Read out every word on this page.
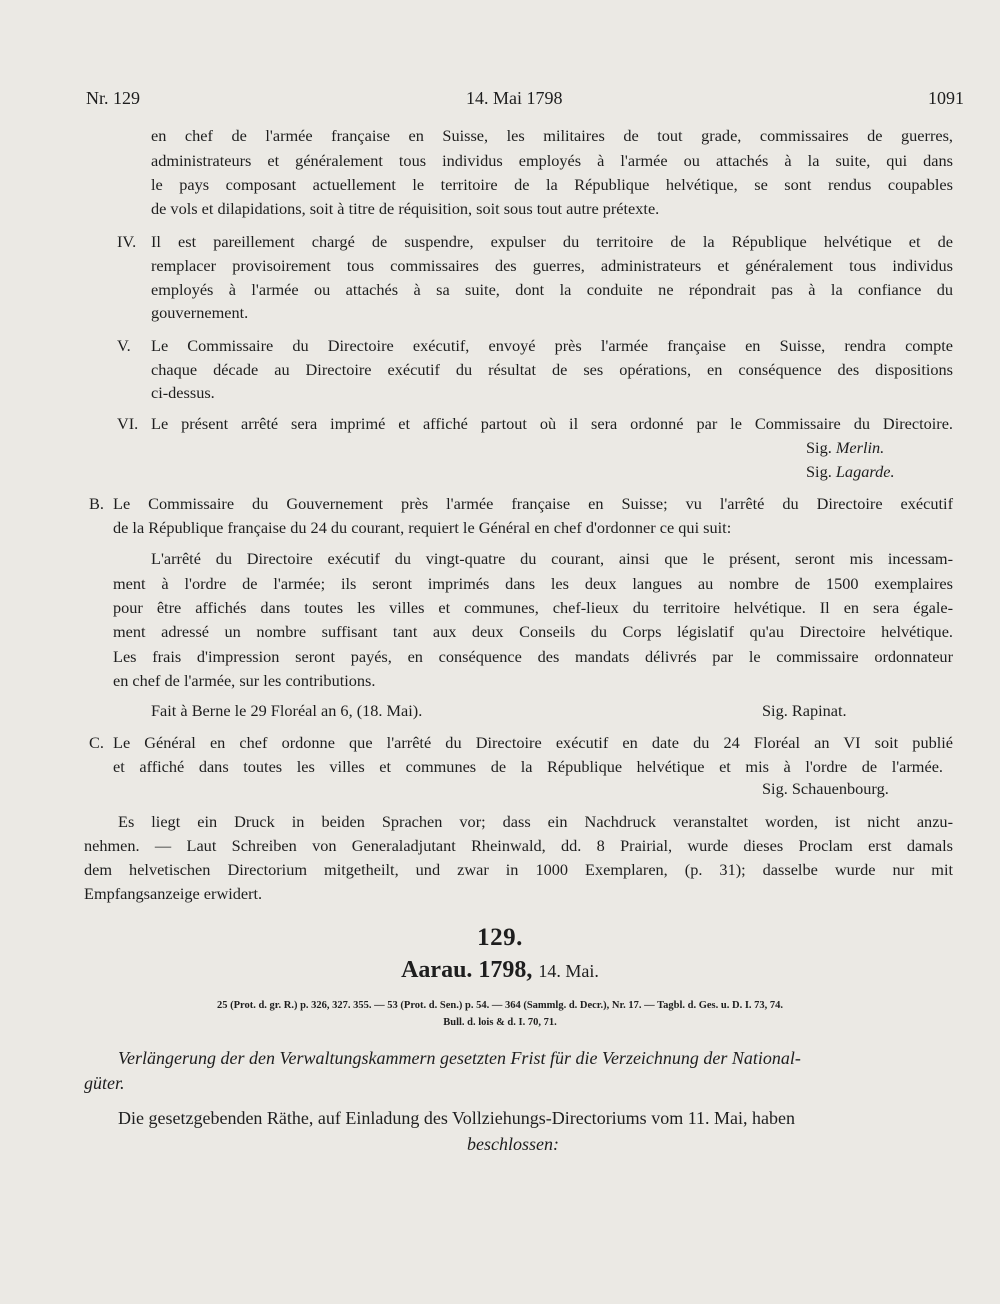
Nr. 129	14. Mai 1798	1091
en chef de l'armée française en Suisse, les militaires de tout grade, commissaires de guerres,
administrateurs et généralement tous individus employés à l'armée ou attachés à la suite, qui dans
le pays composant actuellement le territoire de la République helvétique, se sont rendus coupables
de vols et dilapidations, soit à titre de réquisition, soit sous tout autre prétexte.
IV. Il est pareillement chargé de suspendre, expulser du territoire de la République helvétique et de
remplacer provisoirement tous commissaires des guerres, administrateurs et généralement tous individus
employés à l'armée ou attachés à sa suite, dont la conduite ne répondrait pas à la confiance du
gouvernement.
V. Le Commissaire du Directoire exécutif, envoyé près l'armée française en Suisse, rendra compte
chaque décade au Directoire exécutif du résultat de ses opérations, en conséquence des dispositions
ci-dessus.
VI. Le présent arrêté sera imprimé et affiché partout où il sera ordonné par le Commissaire du Directoire.
Sig. Merlin.
Sig. Lagarde.
B. Le Commissaire du Gouvernement près l'armée française en Suisse; vu l'arrêté du Directoire exécutif
de la République française du 24 du courant, requiert le Général en chef d'ordonner ce qui suit:
L'arrêté du Directoire exécutif du vingt-quatre du courant, ainsi que le présent, seront mis incessam-
ment à l'ordre de l'armée; ils seront imprimés dans les deux langues au nombre de 1500 exemplaires
pour être affichés dans toutes les villes et communes, chef-lieux du territoire helvétique. Il en sera égale-
ment adressé un nombre suffisant tant aux deux Conseils du Corps législatif qu'au Directoire helvétique.
Les frais d'impression seront payés, en conséquence des mandats délivrés par le commissaire ordonnateur
en chef de l'armée, sur les contributions.
Fait à Berne le 29 Floréal an 6, (18. Mai).	Sig. Rapinat.
C. Le Général en chef ordonne que l'arrêté du Directoire exécutif en date du 24 Floréal an VI soit publié
et affiché dans toutes les villes et communes de la République helvétique et mis à l'ordre de l'armée.
Sig. Schauenbourg.
Es liegt ein Druck in beiden Sprachen vor; dass ein Nachdruck veranstaltet worden, ist nicht anzu-
nehmen. — Laut Schreiben von Generaladjutant Rheinwald, dd. 8 Prairial, wurde dieses Proclam erst damals
dem helvetischen Directorium mitgetheilt, und zwar in 1000 Exemplaren, (p. 31); dasselbe wurde nur mit
Empfangsanzeige erwidert.
129.
Aarau. 1798, 14. Mai.
25 (Prot. d. gr. R.) p. 326, 327. 355. — 53 (Prot. d. Sen.) p. 54. — 364 (Sammlg. d. Decr.), Nr. 17. — Tagbl. d. Ges. u. D. I. 73, 74.
Bull. d. lois & d. I. 70, 71.
Verlängerung der den Verwaltungskammern gesetzten Frist für die Verzeichnung der National-
güter.
Die gesetzgebenden Räthe, auf Einladung des Vollziehungs-Directoriums vom 11. Mai, haben
beschlossen:
